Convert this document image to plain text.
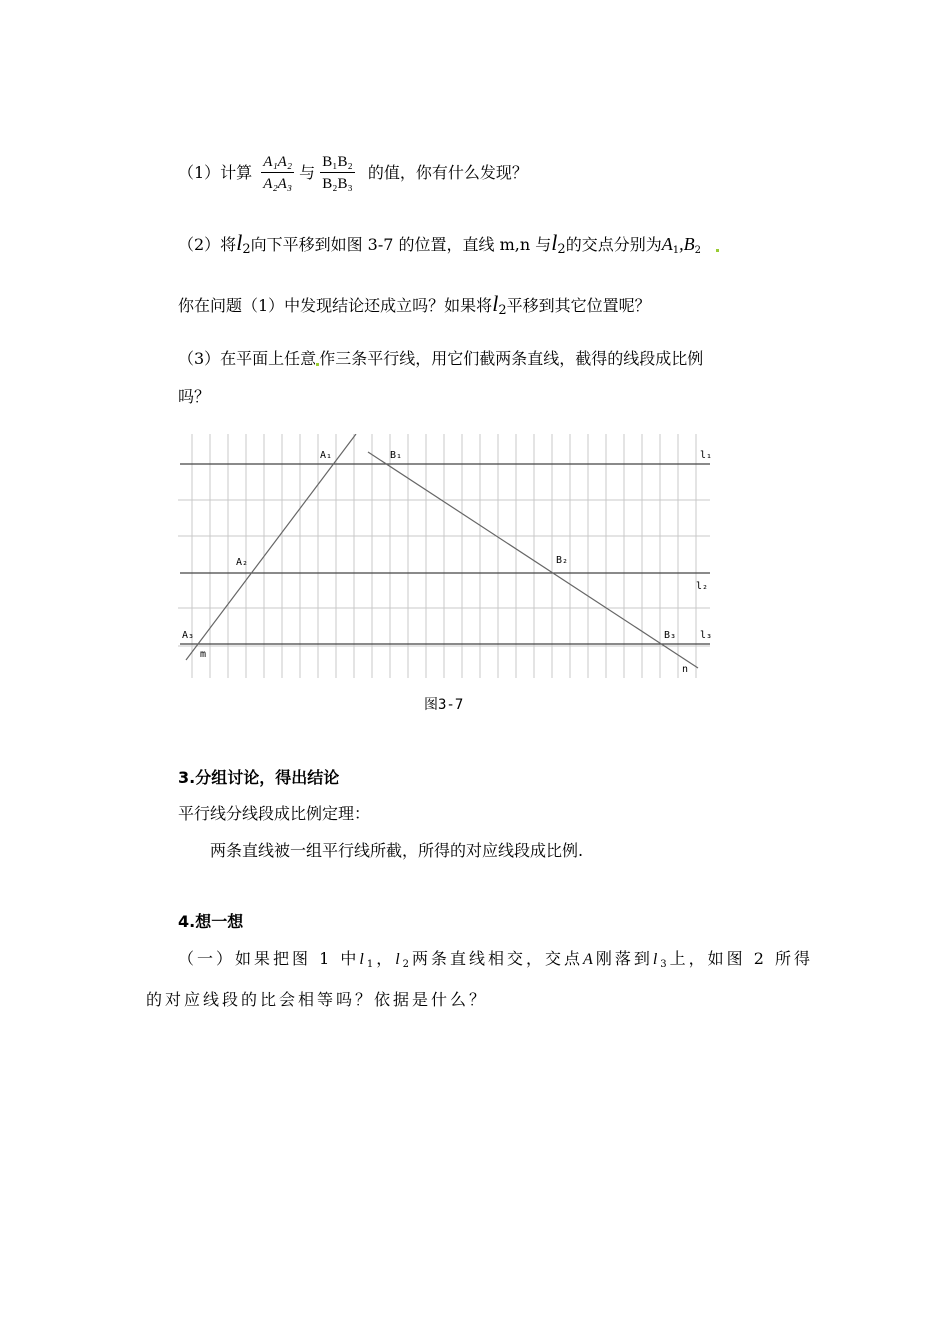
（1）计算 $\frac{\text{A₁A₂}}{\text{A₂A₃}}$ 与 $\frac{\text{B₁B₂}}{\text{B₂B₃}}$ 的值，你有什么发现？
（2）将$l_2$向下平移到如图 3-7 的位置，直线 m,n 与$l_2$的交点分别为$A_1,B_2$
你在问题（1）中发现结论还成立吗？如果将$l_2$平移到其它位置呢？
（3）在平面上任意 作三条平行线，用它们截两条直线，截得的线段成比例
吗？
A₁	B₁	l₁
A₂	B₂
l₂
A₃	B₃ l₃
m
n
图3-7
3.分组讨论，得出结论
平行线分线段成比例定理：
两条直线被一组平行线所截，所得的对应线段成比例.
4.想一想
（一）如果把图 1 中$l_1$，$l_2$两条直线相交，交点A刚落到$l_3$上，如图 2 所得
的对应线段的比会相等吗？依据是什么？
